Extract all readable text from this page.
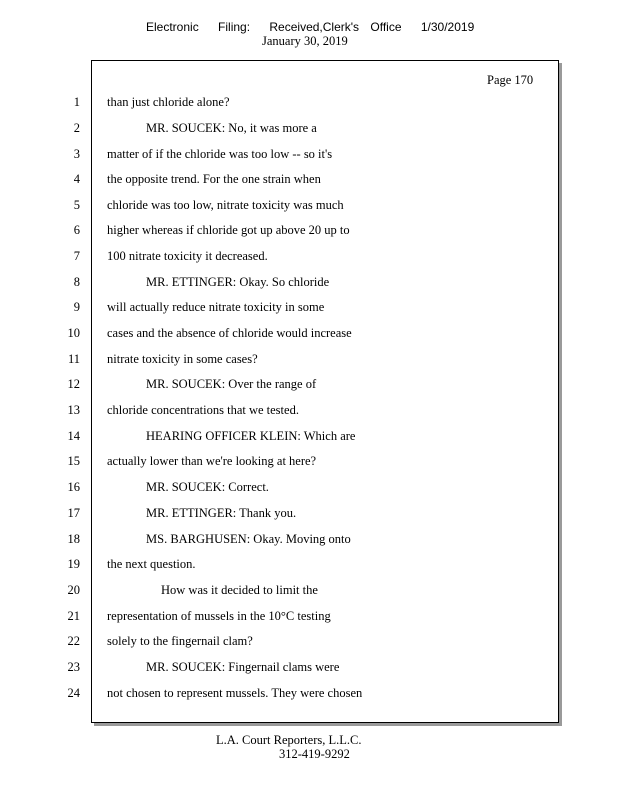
Electronic Filing: Received,Clerk's Office 1/30/2019
January 30, 2019
Page 170
1 than just chloride alone?
2	MR. SOUCEK: No, it was more a
3 matter of if the chloride was too low -- so it's
4 the opposite trend. For the one strain when
5 chloride was too low, nitrate toxicity was much
6 higher whereas if chloride got up above 20 up to
7 100 nitrate toxicity it decreased.
8	MR. ETTINGER: Okay. So chloride
9 will actually reduce nitrate toxicity in some
10 cases and the absence of chloride would increase
11 nitrate toxicity in some cases?
12	MR. SOUCEK: Over the range of
13 chloride concentrations that we tested.
14	HEARING OFFICER KLEIN: Which are
15 actually lower than we're looking at here?
16	MR. SOUCEK: Correct.
17	MR. ETTINGER: Thank you.
18	MS. BARGHUSEN: Okay. Moving onto
19 the next question.
20	How was it decided to limit the
21 representation of mussels in the 10°C testing
22 solely to the fingernail clam?
23	MR. SOUCEK: Fingernail clams were
24 not chosen to represent mussels. They were chosen
L.A. Court Reporters, L.L.C.
312-419-9292
